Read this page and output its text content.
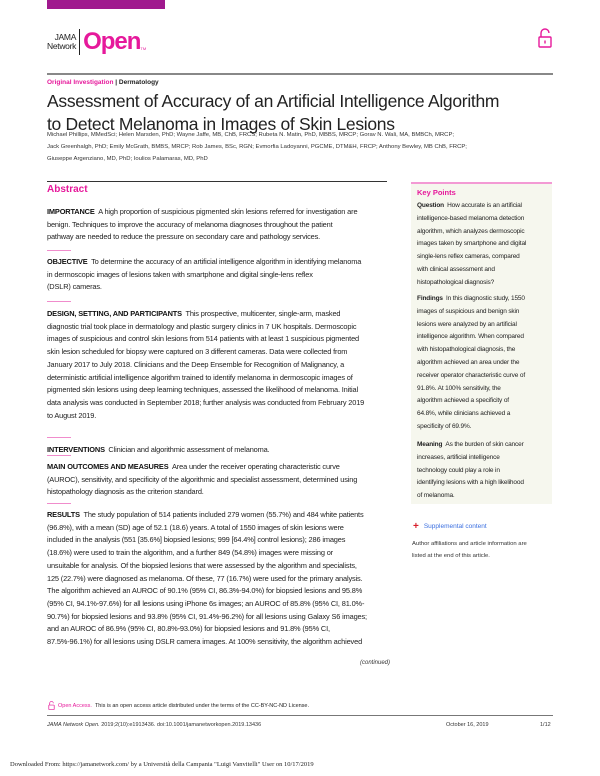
JAMA
Network Open TM
Original Investigation | Dermatology
Assessment of Accuracy of an Artificial Intelligence Algorithm
to Detect Melanoma in Images of Skin Lesions
Michael Phillips, MMedSci; Helen Marsden, PhD; Wayne Jaffe, MB, ChB, FRCS; Rubeta N. Matin, PhD, MBBS, MRCP; Gorav N. Wali, MA, BMBCh, MRCP;
Jack Greenhalgh, PhD; Emily McGrath, BMBS, MRCP; Rob James, BSc, RGN; Evmorfia Ladoyanni, PGCME, DTM&H, FRCP; Anthony Bewley, MB ChB, FRCP;
Giuseppe Argenziano, MD, PhD; Ioulios Palamaras, MD, PhD
Abstract
IMPORTANCE  A high proportion of suspicious pigmented skin lesions referred for investigation are
benign. Techniques to improve the accuracy of melanoma diagnoses throughout the patient
pathway are needed to reduce the pressure on secondary care and pathology services.
OBJECTIVE  To determine the accuracy of an artificial intelligence algorithm in identifying melanoma
in dermoscopic images of lesions taken with smartphone and digital single-lens reflex
(DSLR) cameras.
DESIGN, SETTING, AND PARTICIPANTS  This prospective, multicenter, single-arm, masked
diagnostic trial took place in dermatology and plastic surgery clinics in 7 UK hospitals. Dermoscopic
images of suspicious and control skin lesions from 514 patients with at least 1 suspicious pigmented
skin lesion scheduled for biopsy were captured on 3 different cameras. Data were collected from
January 2017 to July 2018. Clinicians and the Deep Ensemble for Recognition of Malignancy, a
deterministic artificial intelligence algorithm trained to identify melanoma in dermoscopic images of
pigmented skin lesions using deep learning techniques, assessed the likelihood of melanoma. Initial
data analysis was conducted in September 2018; further analysis was conducted from February 2019
to August 2019.
INTERVENTIONS  Clinician and algorithmic assessment of melanoma.
MAIN OUTCOMES AND MEASURES  Area under the receiver operating characteristic curve
(AUROC), sensitivity, and specificity of the algorithmic and specialist assessment, determined using
histopathology diagnosis as the criterion standard.
RESULTS  The study population of 514 patients included 279 women (55.7%) and 484 white patients
(96.8%), with a mean (SD) age of 52.1 (18.6) years. A total of 1550 images of skin lesions were
included in the analysis (551 [35.6%] biopsied lesions; 999 [64.4%] control lesions); 286 images
(18.6%) were used to train the algorithm, and a further 849 (54.8%) images were missing or
unsuitable for analysis. Of the biopsied lesions that were assessed by the algorithm and specialists,
125 (22.7%) were diagnosed as melanoma. Of these, 77 (16.7%) were used for the primary analysis.
The algorithm achieved an AUROC of 90.1% (95% CI, 86.3%-94.0%) for biopsied lesions and 95.8%
(95% CI, 94.1%-97.6%) for all lesions using iPhone 6s images; an AUROC of 85.8% (95% CI, 81.0%-
90.7%) for biopsied lesions and 93.8% (95% CI, 91.4%-96.2%) for all lesions using Galaxy S6 images;
and an AUROC of 86.9% (95% CI, 80.8%-93.0%) for biopsied lesions and 91.8% (95% CI,
87.5%-96.1%) for all lesions using DSLR camera images. At 100% sensitivity, the algorithm achieved
(continued)
Key Points
Question  How accurate is an artificial
intelligence-based melanoma detection
algorithm, which analyzes dermoscopic
images taken by smartphone and digital
single-lens reflex cameras, compared
with clinical assessment and
histopathological diagnosis?
Findings  In this diagnostic study, 1550
images of suspicious and benign skin
lesions were analyzed by an artificial
intelligence algorithm. When compared
with histopathological diagnosis, the
algorithm achieved an area under the
receiver operator characteristic curve of
91.8%. At 100% sensitivity, the
algorithm achieved a specificity of
64.8%, while clinicians achieved a
specificity of 69.9%.
Meaning  As the burden of skin cancer
increases, artificial intelligence
technology could play a role in
identifying lesions with a high likelihood
of melanoma.
+ Supplemental content
Author affiliations and article information are
listed at the end of this article.
Open Access. This is an open access article distributed under the terms of the CC-BY-NC-ND License.
JAMA Network Open. 2019;2(10):e1913436. doi:10.1001/jamanetworkopen.2019.13436	October 16, 2019	1/12
Downloaded From: https://jamanetwork.com/ by a Università della Campania "Luigi Vanvitelli" User on 10/17/2019
